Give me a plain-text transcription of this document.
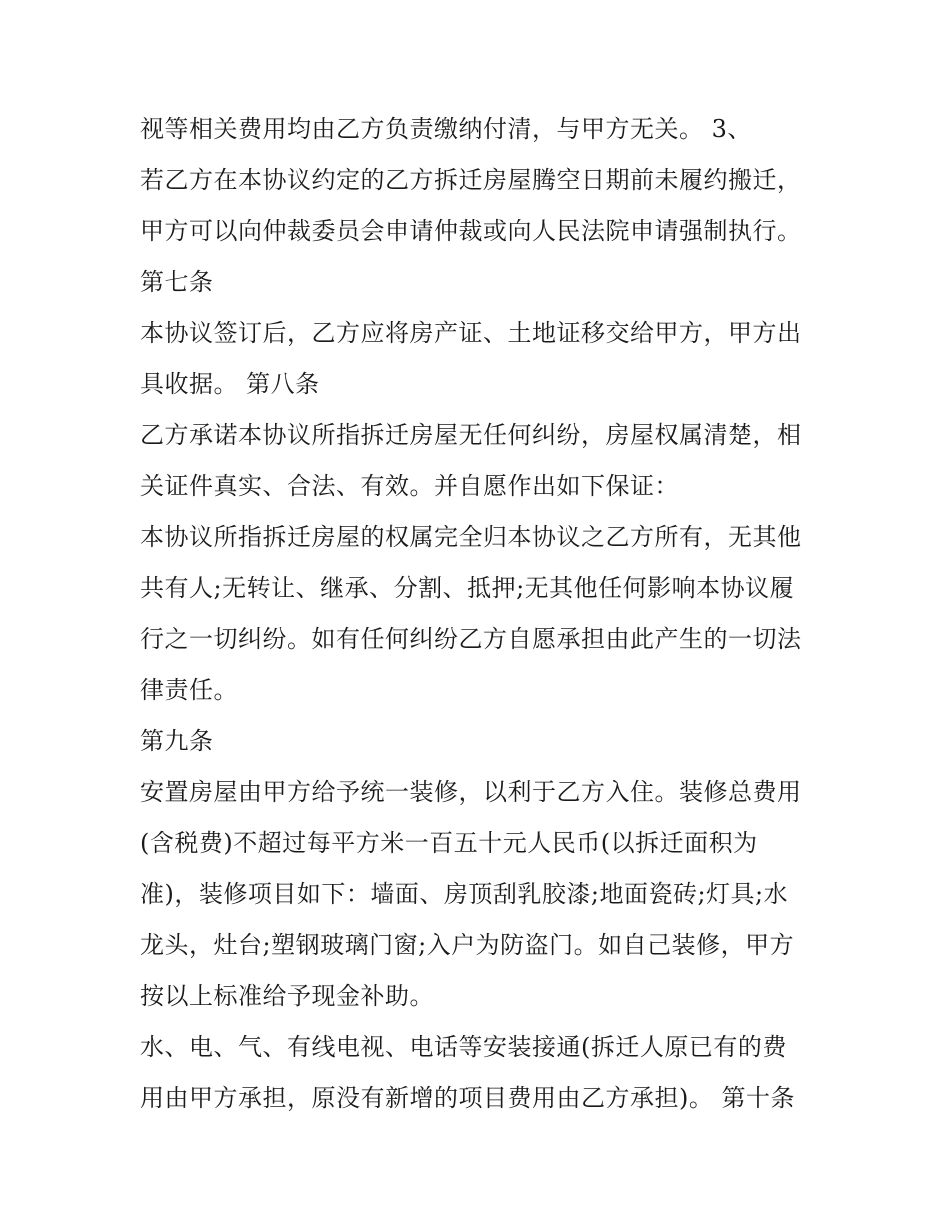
视等相关费用均由乙方负责缴纳付清，与甲方无关。 3、
若乙方在本协议约定的乙方拆迁房屋腾空日期前未履约搬迁，
甲方可以向仲裁委员会申请仲裁或向人民法院申请强制执行。
第七条
本协议签订后，乙方应将房产证、土地证移交给甲方，甲方出
具收据。 第八条
乙方承诺本协议所指拆迁房屋无任何纠纷，房屋权属清楚，相
关证件真实、合法、有效。并自愿作出如下保证：
本协议所指拆迁房屋的权属完全归本协议之乙方所有，无其他
共有人;无转让、继承、分割、抵押;无其他任何影响本协议履
行之一切纠纷。如有任何纠纷乙方自愿承担由此产生的一切法
律责任。
第九条
安置房屋由甲方给予统一装修，以利于乙方入住。装修总费用
(含税费)不超过每平方米一百五十元人民币(以拆迁面积为
准)，装修项目如下：墙面、房顶刮乳胶漆;地面瓷砖;灯具;水
龙头，灶台;塑钢玻璃门窗;入户为防盗门。如自己装修，甲方
按以上标准给予现金补助。
水、电、气、有线电视、电话等安装接通(拆迁人原已有的费
用由甲方承担，原没有新增的项目费用由乙方承担)。 第十条
